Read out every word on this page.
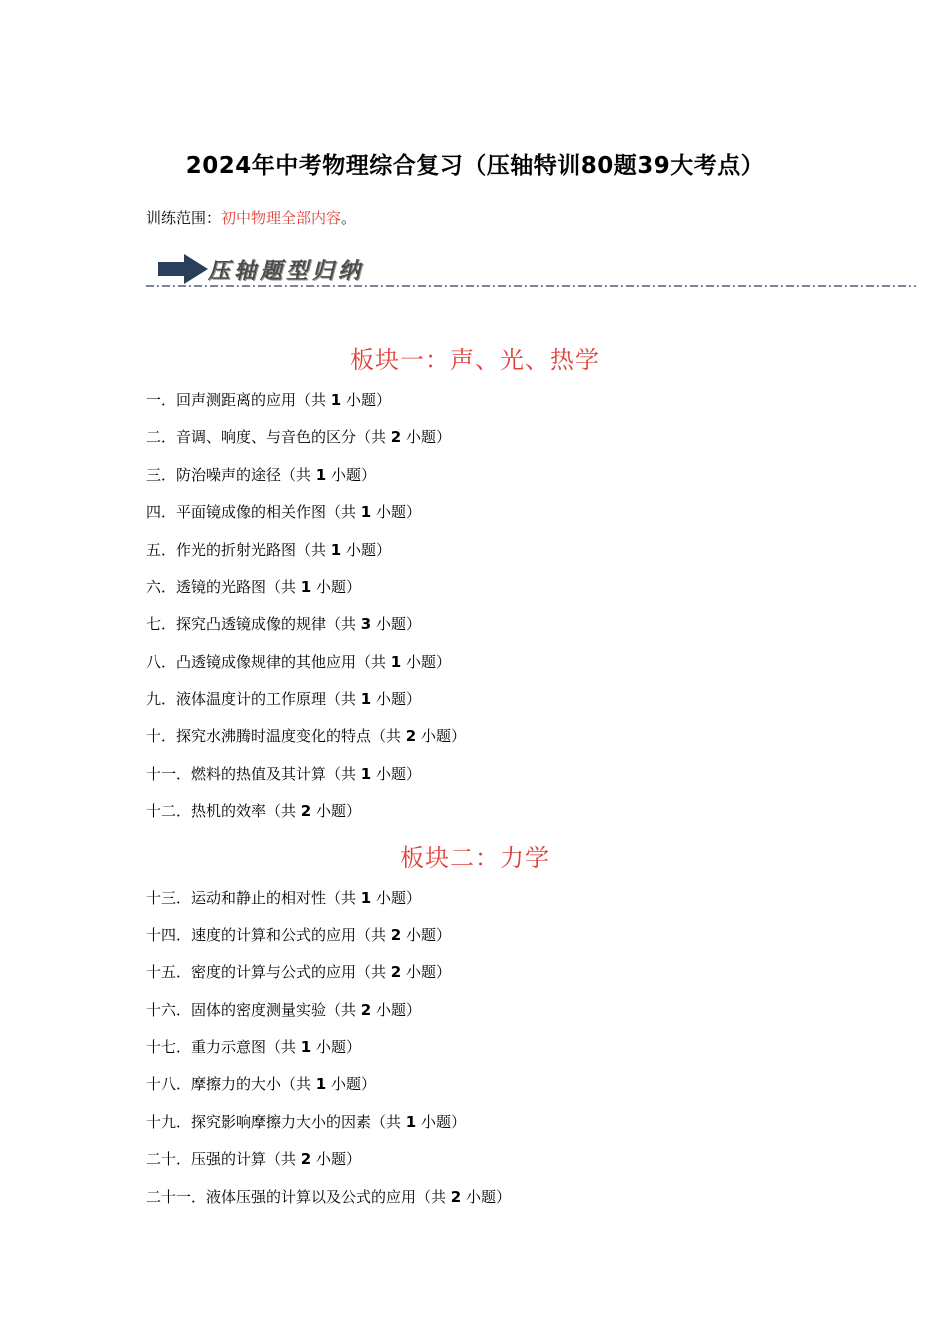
2024年中考物理综合复习（压轴特训80题39大考点）
训练范围：初中物理全部内容。
压轴题型归纳
板块一：声、光、热学
一．回声测距离的应用（共 1 小题）
二．音调、响度、与音色的区分（共 2 小题）
三．防治噪声的途径（共 1 小题）
四．平面镜成像的相关作图（共 1 小题）
五．作光的折射光路图（共 1 小题）
六．透镜的光路图（共 1 小题）
七．探究凸透镜成像的规律（共 3 小题）
八．凸透镜成像规律的其他应用（共 1 小题）
九．液体温度计的工作原理（共 1 小题）
十．探究水沸腾时温度变化的特点（共 2 小题）
十一．燃料的热值及其计算（共 1 小题）
十二．热机的效率（共 2 小题）
板块二：力学
十三．运动和静止的相对性（共 1 小题）
十四．速度的计算和公式的应用（共 2 小题）
十五．密度的计算与公式的应用（共 2 小题）
十六．固体的密度测量实验（共 2 小题）
十七．重力示意图（共 1 小题）
十八．摩擦力的大小（共 1 小题）
十九．探究影响摩擦力大小的因素（共 1 小题）
二十．压强的计算（共 2 小题）
二十一．液体压强的计算以及公式的应用（共 2 小题）
